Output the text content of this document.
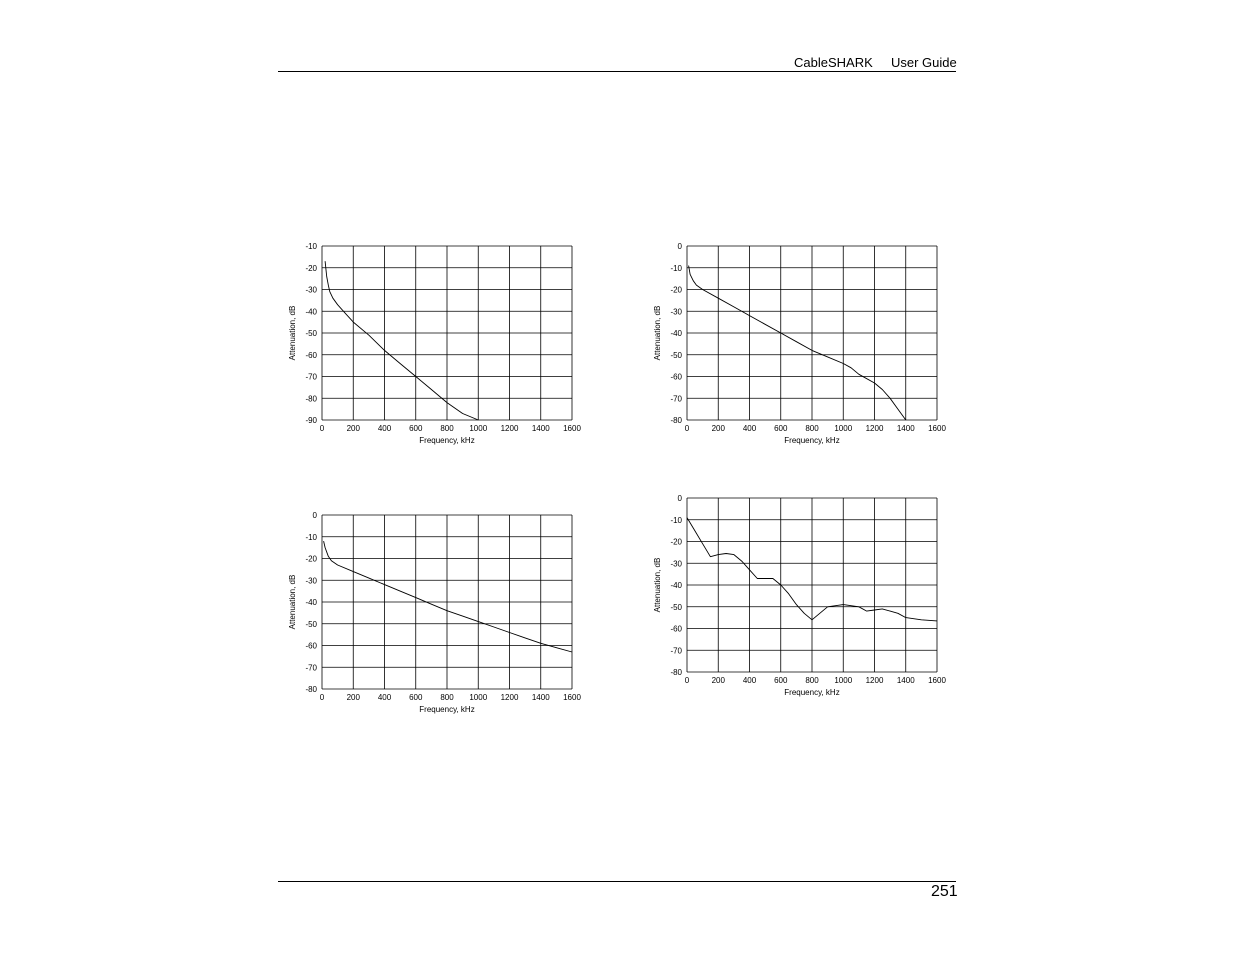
CableSHARK User Guide
0	200 400 600 800 1000 1200 1400 1600
-10
-20
-30
-40
-50
-60
-70
-80
-90
Frequency, kHz
Attenuation, dB
0	200 400 600 800 1000 1200 1400 1600
0
-10
-20
-30
-40
-50
-60
-70
-80
Frequency, kHz
Attenuation, dB
0	200 400 600 800 1000 1200 1400 1600
0
-10
-20
-30
-40
-50
-60
-70
-80
Frequency, kHz
Attenuation, dB
0	200 400 600 800 1000 1200 1400 1600
0
-10
-20
-30
-40
-50
-60
-70
-80
Frequency, kHz
Attenuation, dB
251
